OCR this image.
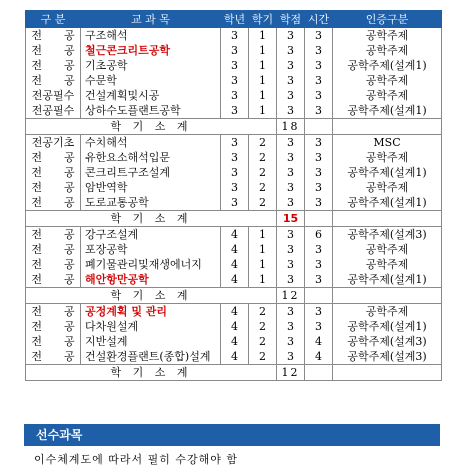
구 분	교 과 목	학년	학기	학점	시간	인증구분
전　　공	구조해석	3	1	3	3	공학주제
전　　공	철근콘크리트공학	3	1	3	3	공학주제
전　　공	기초공학	3	1	3	3	공학주제(설계1)
전　　공	수문학	3	1	3	3	공학주제
전공필수	건설계획및시공	3	1	3	3	공학주제
전공필수	상하수도플랜트공학	3	1	3	3	공학주제(설계1)
학 기 소 계				18		
전공기초	수치해석	3	2	3	3	MSC
전　　공	유한요소해석입문	3	2	3	3	공학주제
전　　공	콘크리트구조설계	3	2	3	3	공학주제(설계1)
전　　공	암반역학	3	2	3	3	공학주제
전　　공	도로교통공학	3	2	3	3	공학주제(설계1)
학 기 소 계				15		
전　　공	강구조설계	4	1	3	6	공학주제(설계3)
전　　공	포장공학	4	1	3	3	공학주제
전　　공	폐기물관리및재생에너지	4	1	3	3	공학주제
전　　공	해안항만공학	4	1	3	3	공학주제(설계1)
학 기 소 계				12		
전　　공	공정계획 및 관리	4	2	3	3	공학주제
전　　공	다차원설계	4	2	3	3	공학주제(설계1)
전　　공	지반설계	4	2	3	4	공학주제(설계3)
전　　공	건설환경플랜트(종합)설계	4	2	3	4	공학주제(설계3)
학 기 소 계				12		
선수과목
이수체계도에 따라서 필히 수강해야 함
